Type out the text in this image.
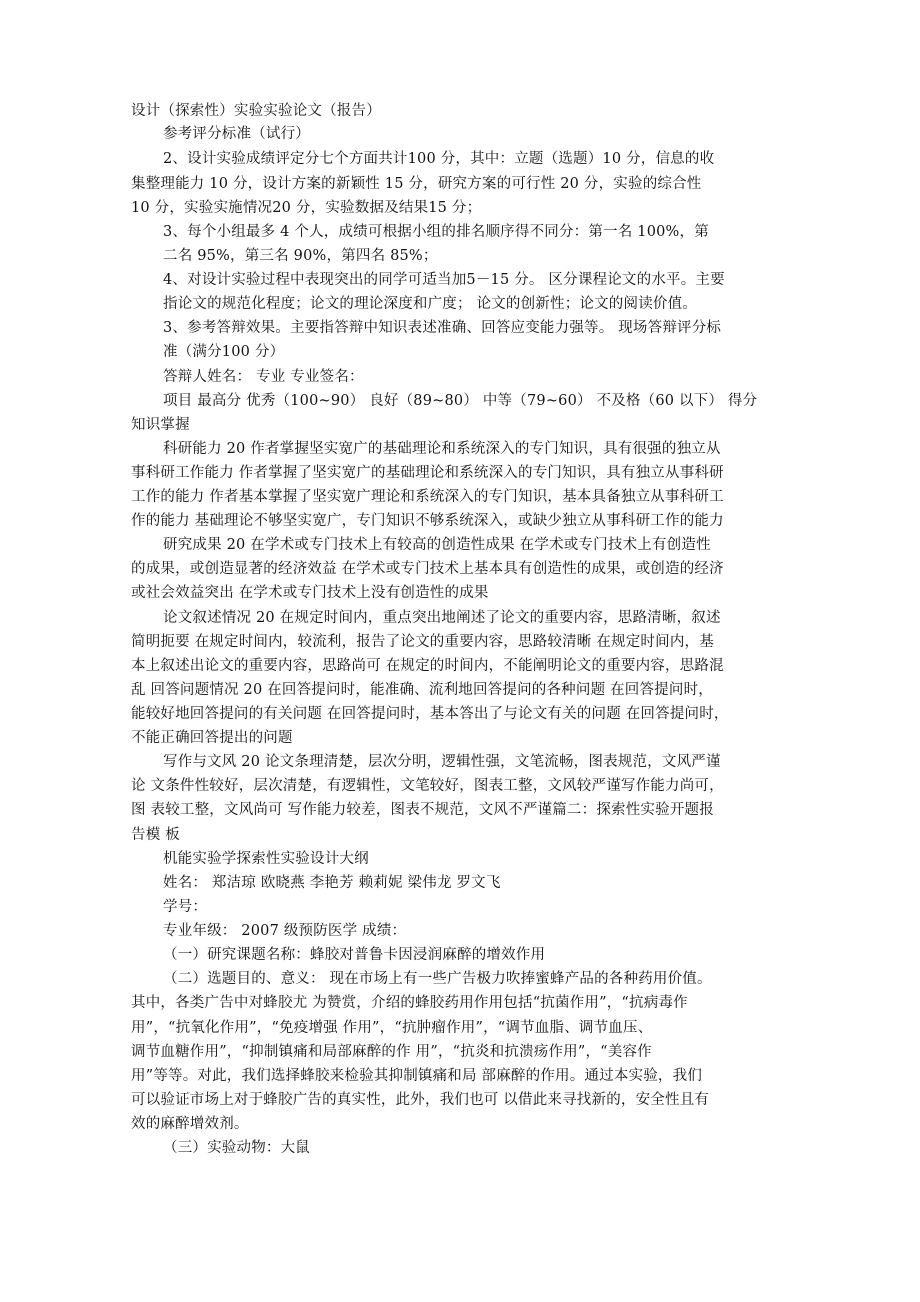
设计（探索性）实验实验论文（报告）
参考评分标准（试行）
2、设计实验成绩评定分七个方面共计100 分，其中：立题（选题）10 分，信息的收
集整理能力 10 分，设计方案的新颖性 15 分，研究方案的可行性 20 分，实验的综合性
10 分，实验实施情况20 分，实验数据及结果15 分；
3、每个小组最多 4 个人，成绩可根据小组的排名顺序得不同分：第一名 100%，第
二名 95%，第三名 90%，第四名 85%；
4、对设计实验过程中表现突出的同学可适当加5－15 分。 区分课程论文的水平。主要
指论文的规范化程度；论文的理论深度和广度； 论文的创新性；论文的阅读价值。
3、参考答辩效果。主要指答辩中知识表述准确、回答应变能力强等。 现场答辩评分标
准（满分100 分）
答辩人姓名： 专业 专业签名：
项目 最高分 优秀（100~90） 良好（89~80） 中等（79~60） 不及格（60 以下） 得分
知识掌握
科研能力 20 作者掌握坚实宽广的基础理论和系统深入的专门知识，具有很强的独立从
事科研工作能力 作者掌握了坚实宽广的基础理论和系统深入的专门知识，具有独立从事科研
工作的能力 作者基本掌握了坚实宽广理论和系统深入的专门知识，基本具备独立从事科研工
作的能力 基础理论不够坚实宽广，专门知识不够系统深入，或缺少独立从事科研工作的能力
研究成果 20 在学术或专门技术上有较高的创造性成果 在学术或专门技术上有创造性
的成果，或创造显著的经济效益 在学术或专门技术上基本具有创造性的成果，或创造的经济
或社会效益突出 在学术或专门技术上没有创造性的成果
论文叙述情况 20 在规定时间内，重点突出地阐述了论文的重要内容，思路清晰，叙述
简明扼要 在规定时间内，较流利，报告了论文的重要内容，思路较清晰 在规定时间内，基
本上叙述出论文的重要内容，思路尚可 在规定的时间内，不能阐明论文的重要内容，思路混
乱 回答问题情况 20 在回答提问时，能准确、流利地回答提问的各种问题 在回答提问时，
能较好地回答提问的有关问题 在回答提问时，基本答出了与论文有关的问题 在回答提问时，
不能正确回答提出的问题
写作与文风 20 论文条理清楚，层次分明，逻辑性强，文笔流畅，图表规范，文风严谨
论 文条件性较好，层次清楚，有逻辑性，文笔较好，图表工整，文风较严谨写作能力尚可，
图 表较工整，文风尚可 写作能力较差，图表不规范，文风不严谨篇二：探索性实验开题报
告模 板
机能实验学探索性实验设计大纲
姓名： 郑洁琼 欧晓燕 李艳芳 赖莉妮 梁伟龙 罗文飞
学号：
专业年级： 2007 级预防医学 成绩：
（一）研究课题名称：蜂胶对普鲁卡因浸润麻醉的增效作用
（二）选题目的、意义： 现在市场上有一些广告极力吹捧蜜蜂产品的各种药用价值。
其中，各类广告中对蜂胶尤 为赞赏，介绍的蜂胶药用作用包括“抗菌作用”，“抗病毒作
用”，“抗氧化作用”，“免疫增强 作用”，“抗肿瘤作用”，“调节血脂、调节血压、
调节血糖作用”，“抑制镇痛和局部麻醉的作 用”，“抗炎和抗溃疡作用”，“美容作
用”等等。对此，我们选择蜂胶来检验其抑制镇痛和局 部麻醉的作用。通过本实验，我们
可以验证市场上对于蜂胶广告的真实性，此外，我们也可 以借此来寻找新的，安全性且有
效的麻醉增效剂。
（三）实验动物：大鼠
